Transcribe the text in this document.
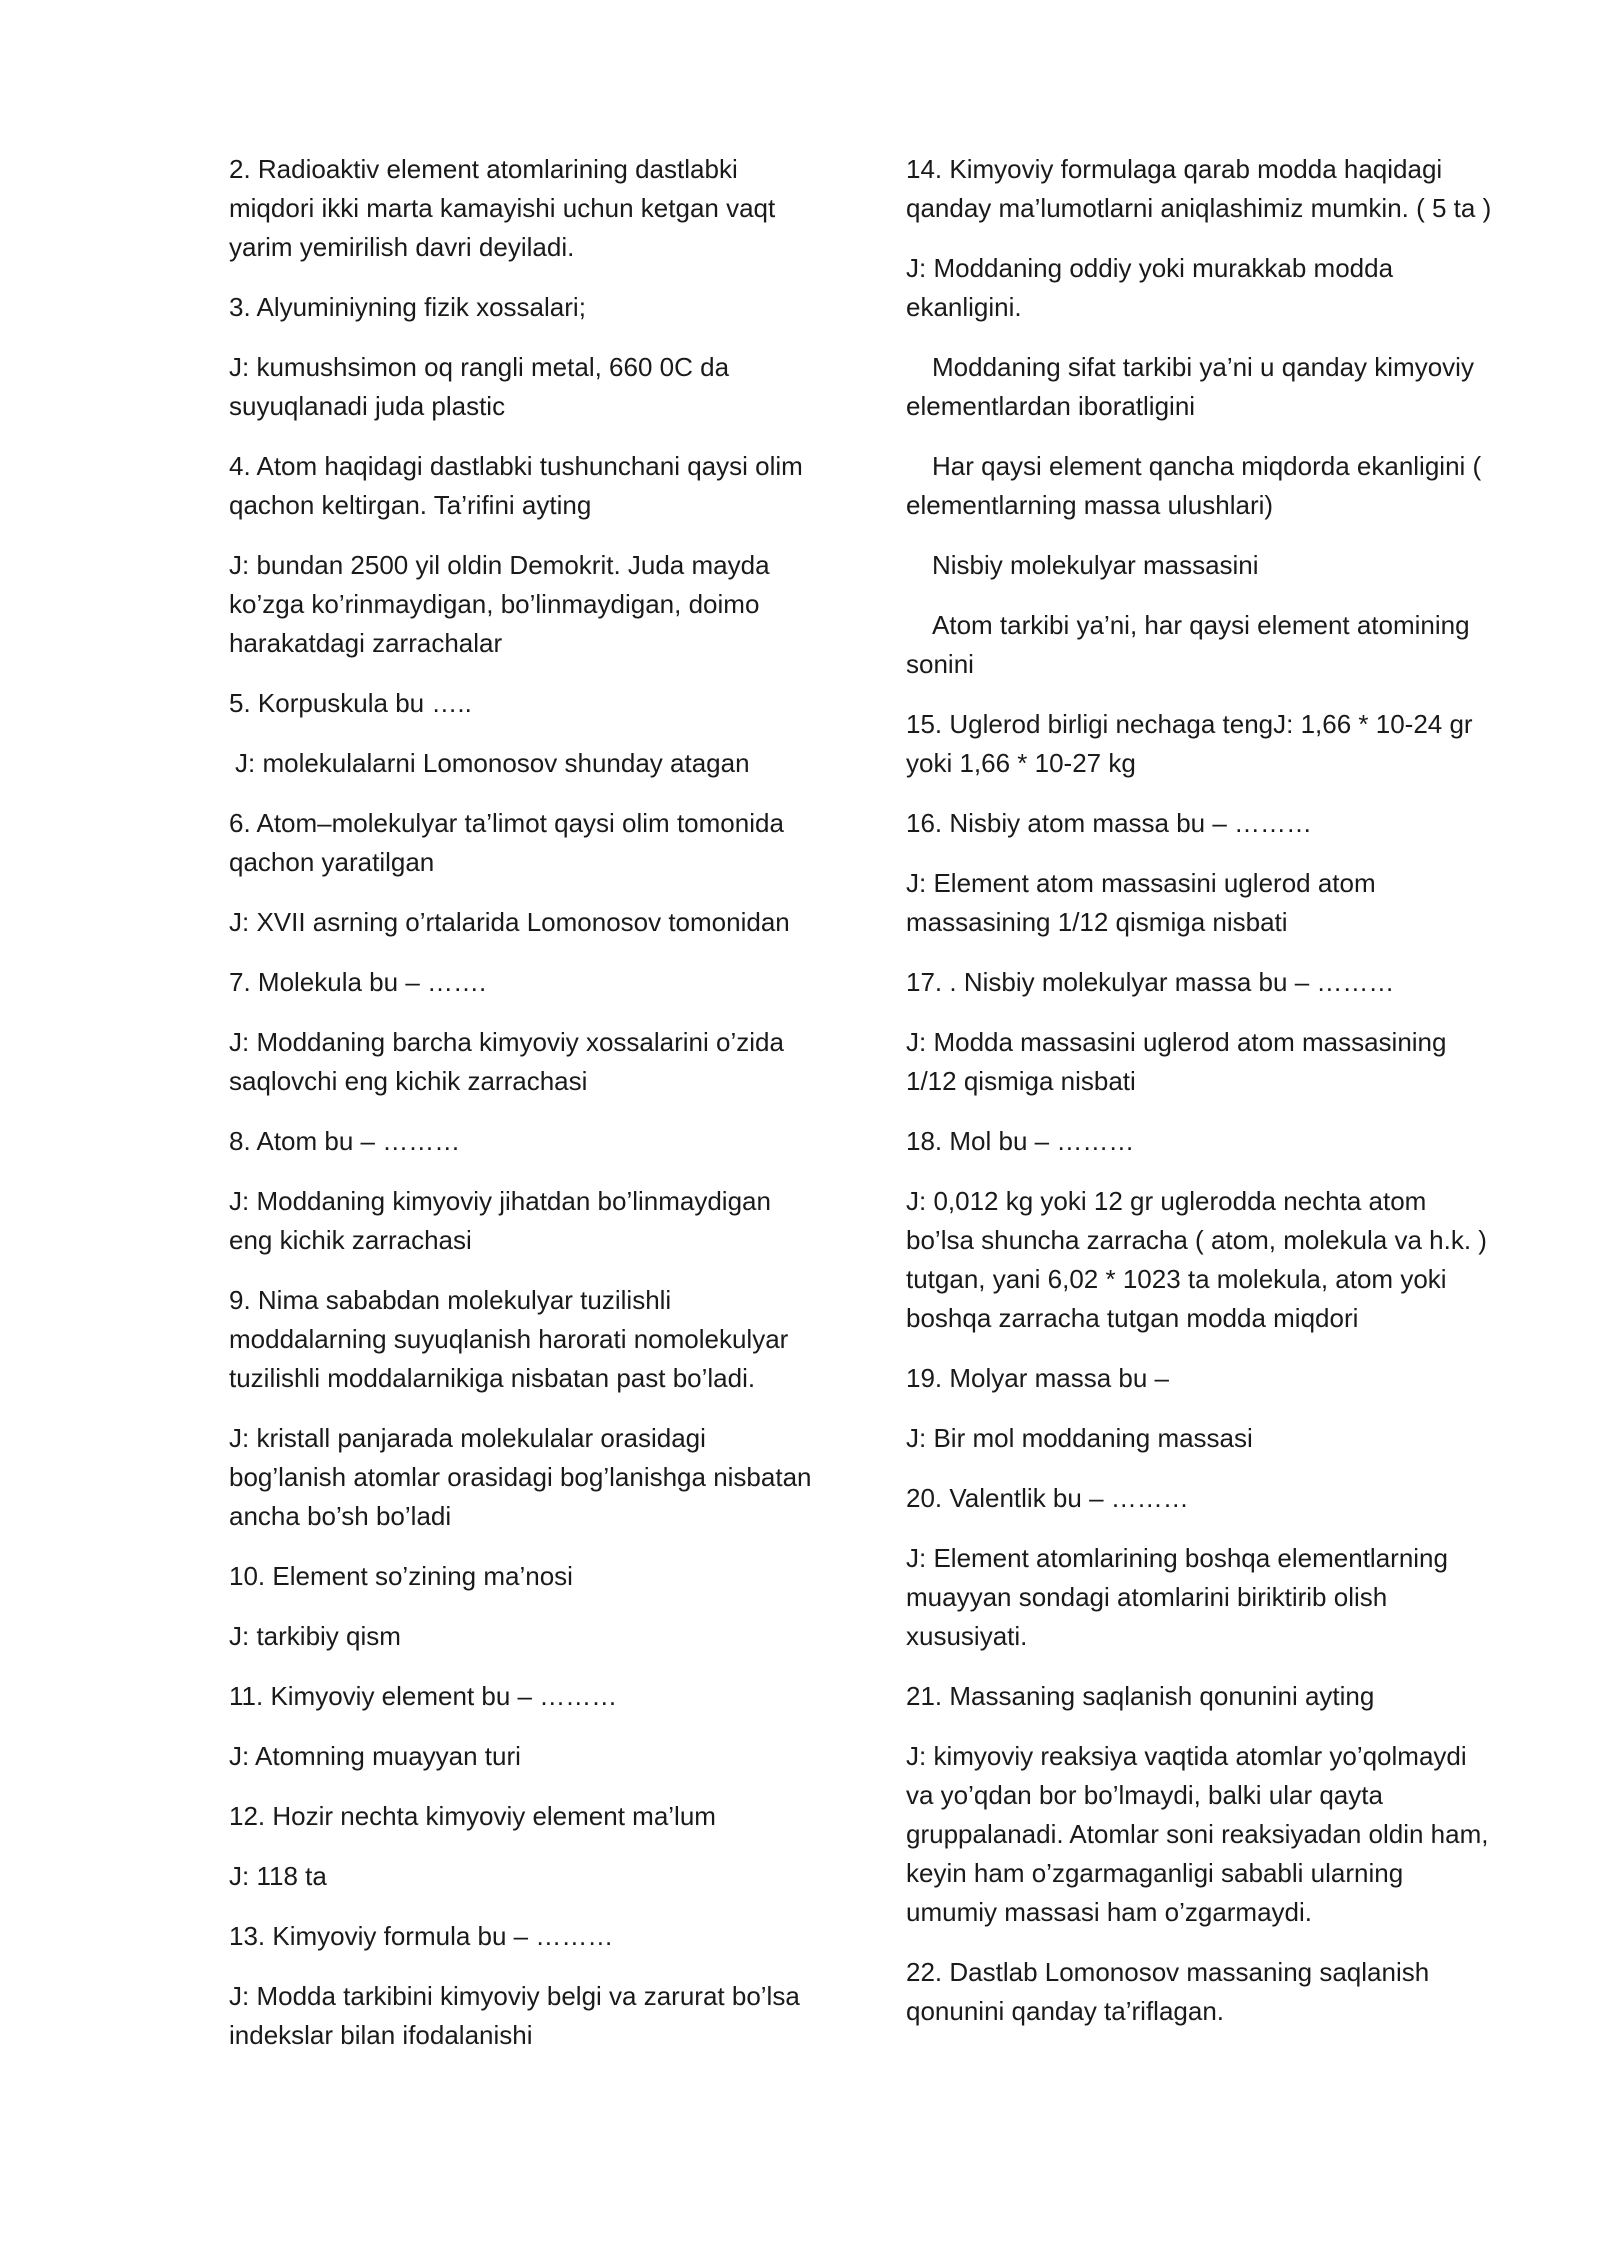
2. Radioaktiv element atomlarining dastlabki miqdori ikki marta kamayishi uchun ketgan vaqt yarim yemirilish davri deyiladi.

3. Alyuminiyning fizik xossalari;

J: kumushsimon oq rangli metal, 660 0C da suyuqlanadi juda plastic

4. Atom haqidagi dastlabki tushunchani qaysi olim qachon keltirgan. Ta’rifini ayting

J: bundan 2500 yil oldin Demokrit. Juda mayda ko’zga ko’rinmaydigan, bo’linmaydigan, doimo harakatdagi zarrachalar

5. Korpuskula bu …..

J: molekulalarni Lomonosov shunday atagan

6. Atom–molekulyar ta’limot qaysi olim tomonida qachon yaratilgan

J: XVII asrning o’rtalarida Lomonosov tomonidan

7. Molekula bu – …….

J: Moddaning barcha kimyoviy xossalarini o’zida saqlovchi eng kichik zarrachasi

8. Atom bu – ………

J: Moddaning kimyoviy jihatdan bo’linmaydigan eng kichik zarrachasi

9. Nima sababdan molekulyar tuzilishli moddalarning suyuqlanish harorati nomolekulyar tuzilishli moddalarnikiga nisbatan past bo’ladi.

J: kristall panjarada molekulalar orasidagi bog’lanish atomlar orasidagi bog’lanishga nisbatan ancha bo’sh bo’ladi

10. Element so’zining ma’nosi

J: tarkibiy qism

11. Kimyoviy element bu – ………

J: Atomning muayyan turi

12. Hozir nechta kimyoviy element ma’lum

J: 118 ta

13. Kimyoviy formula bu – ………

J: Modda tarkibini kimyoviy belgi va zarurat bo’lsa indekslar bilan ifodalanishi

14. Kimyoviy formulaga qarab modda haqidagi qanday ma’lumotlarni aniqlashimiz mumkin. ( 5 ta )

J: Moddaning oddiy yoki murakkab modda ekanligini.

Moddaning sifat tarkibi ya’ni u qanday kimyoviy elementlardan iboratligini

Har qaysi element qancha miqdorda ekanligini ( elementlarning massa ulushlari)

Nisbiy molekulyar massasini

Atom tarkibi ya’ni, har qaysi element atomining sonini

15. Uglerod birligi nechaga tengJ: 1,66 * 10-24 gr yoki 1,66 * 10-27 kg

16. Nisbiy atom massa bu – ………

J: Element atom massasini uglerod atom massasining 1/12 qismiga nisbati

17. . Nisbiy molekulyar massa bu – ………

J: Modda massasini uglerod atom massasining 1/12 qismiga nisbati

18. Mol bu – ………

J: 0,012 kg yoki 12 gr uglerodda nechta atom bo’lsa shuncha zarracha ( atom, molekula va h.k. ) tutgan, yani 6,02 * 1023 ta molekula, atom yoki boshqa zarracha tutgan modda miqdori

19. Molyar massa bu –

J: Bir mol moddaning massasi

20. Valentlik bu – ………

J: Element atomlarining boshqa elementlarning muayyan sondagi atomlarini biriktirib olish xususiyati.

21. Massaning saqlanish qonunini ayting

J: kimyoviy reaksiya vaqtida atomlar yo’qolmaydi va yo’qdan bor bo’lmaydi, balki ular qayta gruppalanadi. Atomlar soni reaksiyadan oldin ham, keyin ham o’zgarmaganligi sababli ularning umumiy massasi ham o’zgarmaydi.

22. Dastlab Lomonosov massaning saqlanish qonunini qanday ta’riflagan.
